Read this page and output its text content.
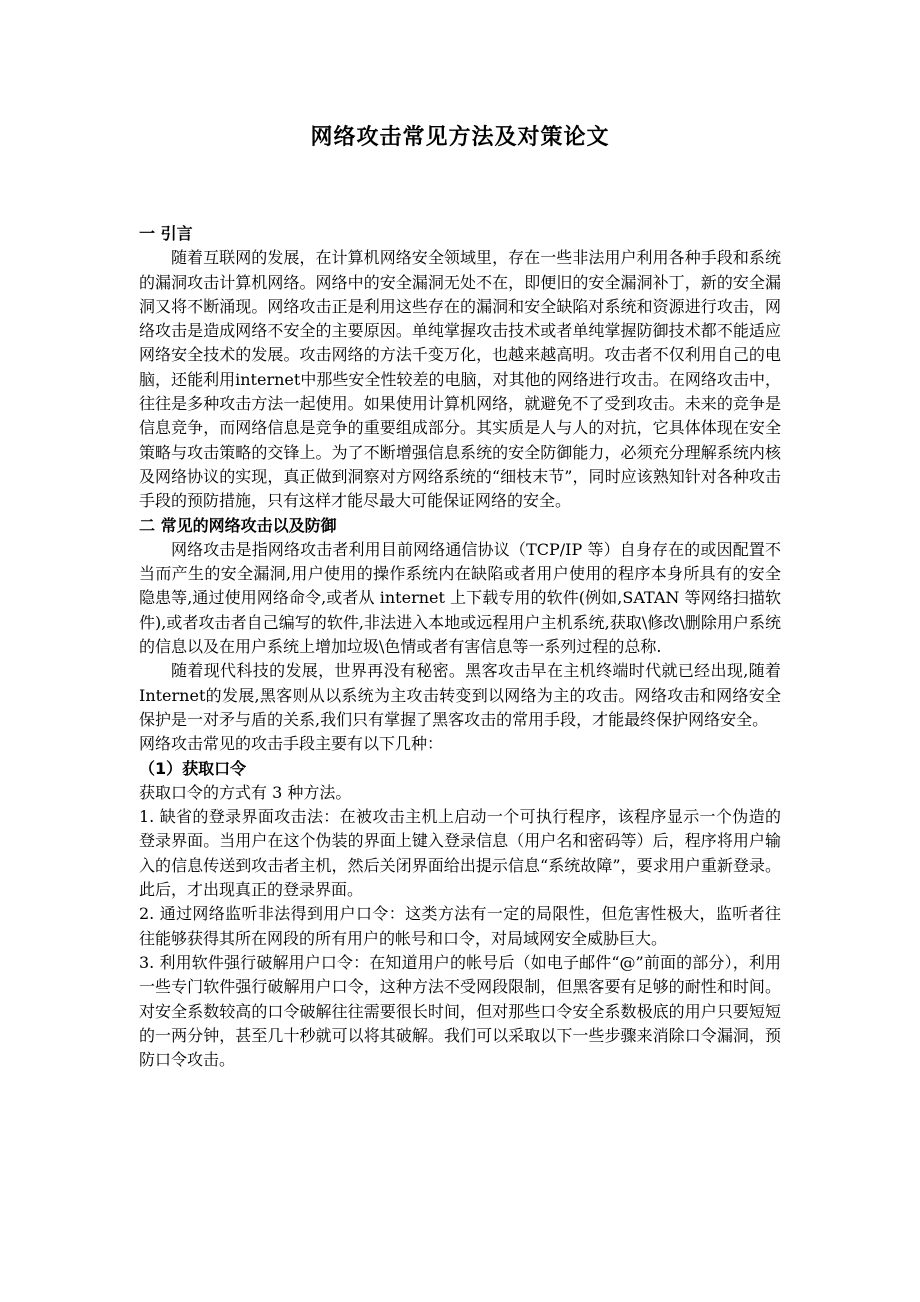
网络攻击常见方法及对策论文

一 引言

随着互联网的发展，在计算机网络安全领域里，存在一些非法用户利用各种手段和系统的漏洞攻击计算机网络。网络中的安全漏洞无处不在，即便旧的安全漏洞补丁，新的安全漏洞又将不断涌现。网络攻击正是利用这些存在的漏洞和安全缺陷对系统和资源进行攻击，网络攻击是造成网络不安全的主要原因。单纯掌握攻击技术或者单纯掌握防御技术都不能适应网络安全技术的发展。攻击网络的方法千变万化，也越来越高明。攻击者不仅利用自己的电脑，还能利用internet中那些安全性较差的电脑，对其他的网络进行攻击。在网络攻击中，往往是多种攻击方法一起使用。如果使用计算机网络，就避免不了受到攻击。未来的竞争是信息竞争，而网络信息是竞争的重要组成部分。其实质是人与人的对抗，它具体体现在安全策略与攻击策略的交锋上。为了不断增强信息系统的安全防御能力，必须充分理解系统内核及网络协议的实现，真正做到洞察对方网络系统的“细枝末节”，同时应该熟知针对各种攻击手段的预防措施，只有这样才能尽最大可能保证网络的安全。

二 常见的网络攻击以及防御

网络攻击是指网络攻击者利用目前网络通信协议（TCP/IP 等）自身存在的或因配置不当而产生的安全漏洞,用户使用的操作系统内在缺陷或者用户使用的程序本身所具有的安全隐患等,通过使用网络命令,或者从 internet 上下载专用的软件(例如,SATAN 等网络扫描软件),或者攻击者自己编写的软件,非法进入本地或远程用户主机系统,获取\修改\删除用户系统的信息以及在用户系统上增加垃圾\色情或者有害信息等一系列过程的总称.

随着现代科技的发展，世界再没有秘密。黑客攻击早在主机终端时代就已经出现,随着Internet的发展,黑客则从以系统为主攻击转变到以网络为主的攻击。网络攻击和网络安全保护是一对矛与盾的关系,我们只有掌握了黑客攻击的常用手段，才能最终保护网络安全。

网络攻击常见的攻击手段主要有以下几种：

（1）获取口令

获取口令的方式有 3 种方法。

1. 缺省的登录界面攻击法：在被攻击主机上启动一个可执行程序，该程序显示一个伪造的登录界面。当用户在这个伪装的界面上键入登录信息（用户名和密码等）后，程序将用户输入的信息传送到攻击者主机，然后关闭界面给出提示信息“系统故障”，要求用户重新登录。此后，才出现真正的登录界面。

2. 通过网络监听非法得到用户口令：这类方法有一定的局限性，但危害性极大，监听者往往能够获得其所在网段的所有用户的帐号和口令，对局域网安全威胁巨大。

3. 利用软件强行破解用户口令：在知道用户的帐号后（如电子邮件“@”前面的部分），利用一些专门软件强行破解用户口令，这种方法不受网段限制，但黑客要有足够的耐性和时间。对安全系数较高的口令破解往往需要很长时间，但对那些口令安全系数极底的用户只要短短的一两分钟，甚至几十秒就可以将其破解。我们可以采取以下一些步骤来消除口令漏洞，预防口令攻击。
